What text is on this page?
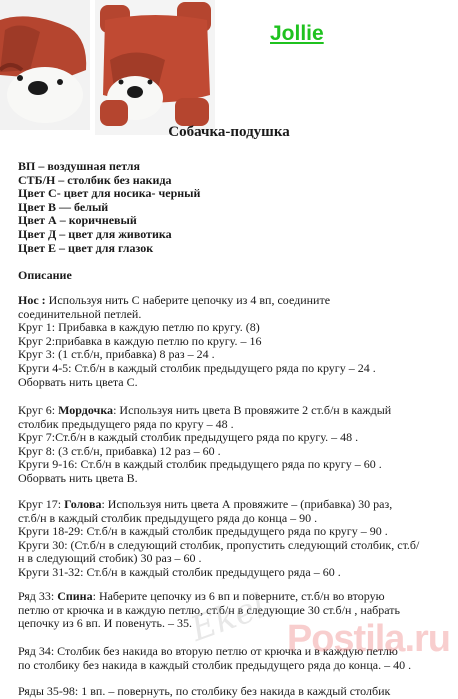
Jollie
Собачка-подушка
ВП – воздушная петля
СТБ/Н – столбик без накида
Цвет С- цвет для носика- черный
Цвет В — белый
Цвет А – коричневый
Цвет Д – цвет для животика
Цвет Е – цвет для глазок
Описание
Нос : Используя нить С наберите цепочку из 4 вп, соедините
соединительной петлей.
Круг 1: Прибавка в каждую петлю по кругу. (8)
Круг 2:прибавка в каждую петлю по кругу. – 16
Круг 3: (1 ст.б/н, прибавка) 8 раз – 24 .
Круги 4-5: Ст.б/н в каждый столбик предыдущего ряда по кругу – 24 .
Оборвать нить цвета С.
Круг 6: Мордочка: Используя нить цвета В провяжите 2 ст.б/н в каждый
столбик предыдущего ряда по кругу – 48 .
Круг 7:Ст.б/н в каждый столбик предыдущего ряда по кругу. – 48 .
Круг 8: (3 ст.б/н, прибавка) 12 раз – 60 .
Круги 9-16: Ст.б/н в каждый столбик предыдущего ряда по кругу – 60 .
Оборвать нить цвета В.
Круг 17: Голова: Используя нить цвета А провяжите – (прибавка) 30 раз,
ст.б/н в каждый столбик предыдущего ряда до конца – 90 .
Круги 18-29: Ст.б/н в каждый столбик предыдущего ряда по кругу – 90 .
Круги 30: (Ст.б/н в следующий столбик, пропустить следующий столбик, ст.б/
н в следующий стобик) 30 раз – 60 .
Круги 31-32: Ст.б/н в каждый столбик предыдущего ряда – 60 .
Ряд 33: Спина: Наберите цепочку из 6 вп и поверните, ст.б/н во вторую
петлю от крючка и в каждую петлю, ст.б/н в следующие 30 ст.б/н , набрать
цепочку из 6 вп. И повенуть. – 35.
Ряд 34: Столбик без накида во вторую петлю от крючка и в каждую петлю
по столбику без накида в каждый столбик предыдущего ряда до конца. – 40 .
Ряды 35-98: 1 вп. – повернуть, по столбику без накида в каждый столбик
Ekel Postila.ru
